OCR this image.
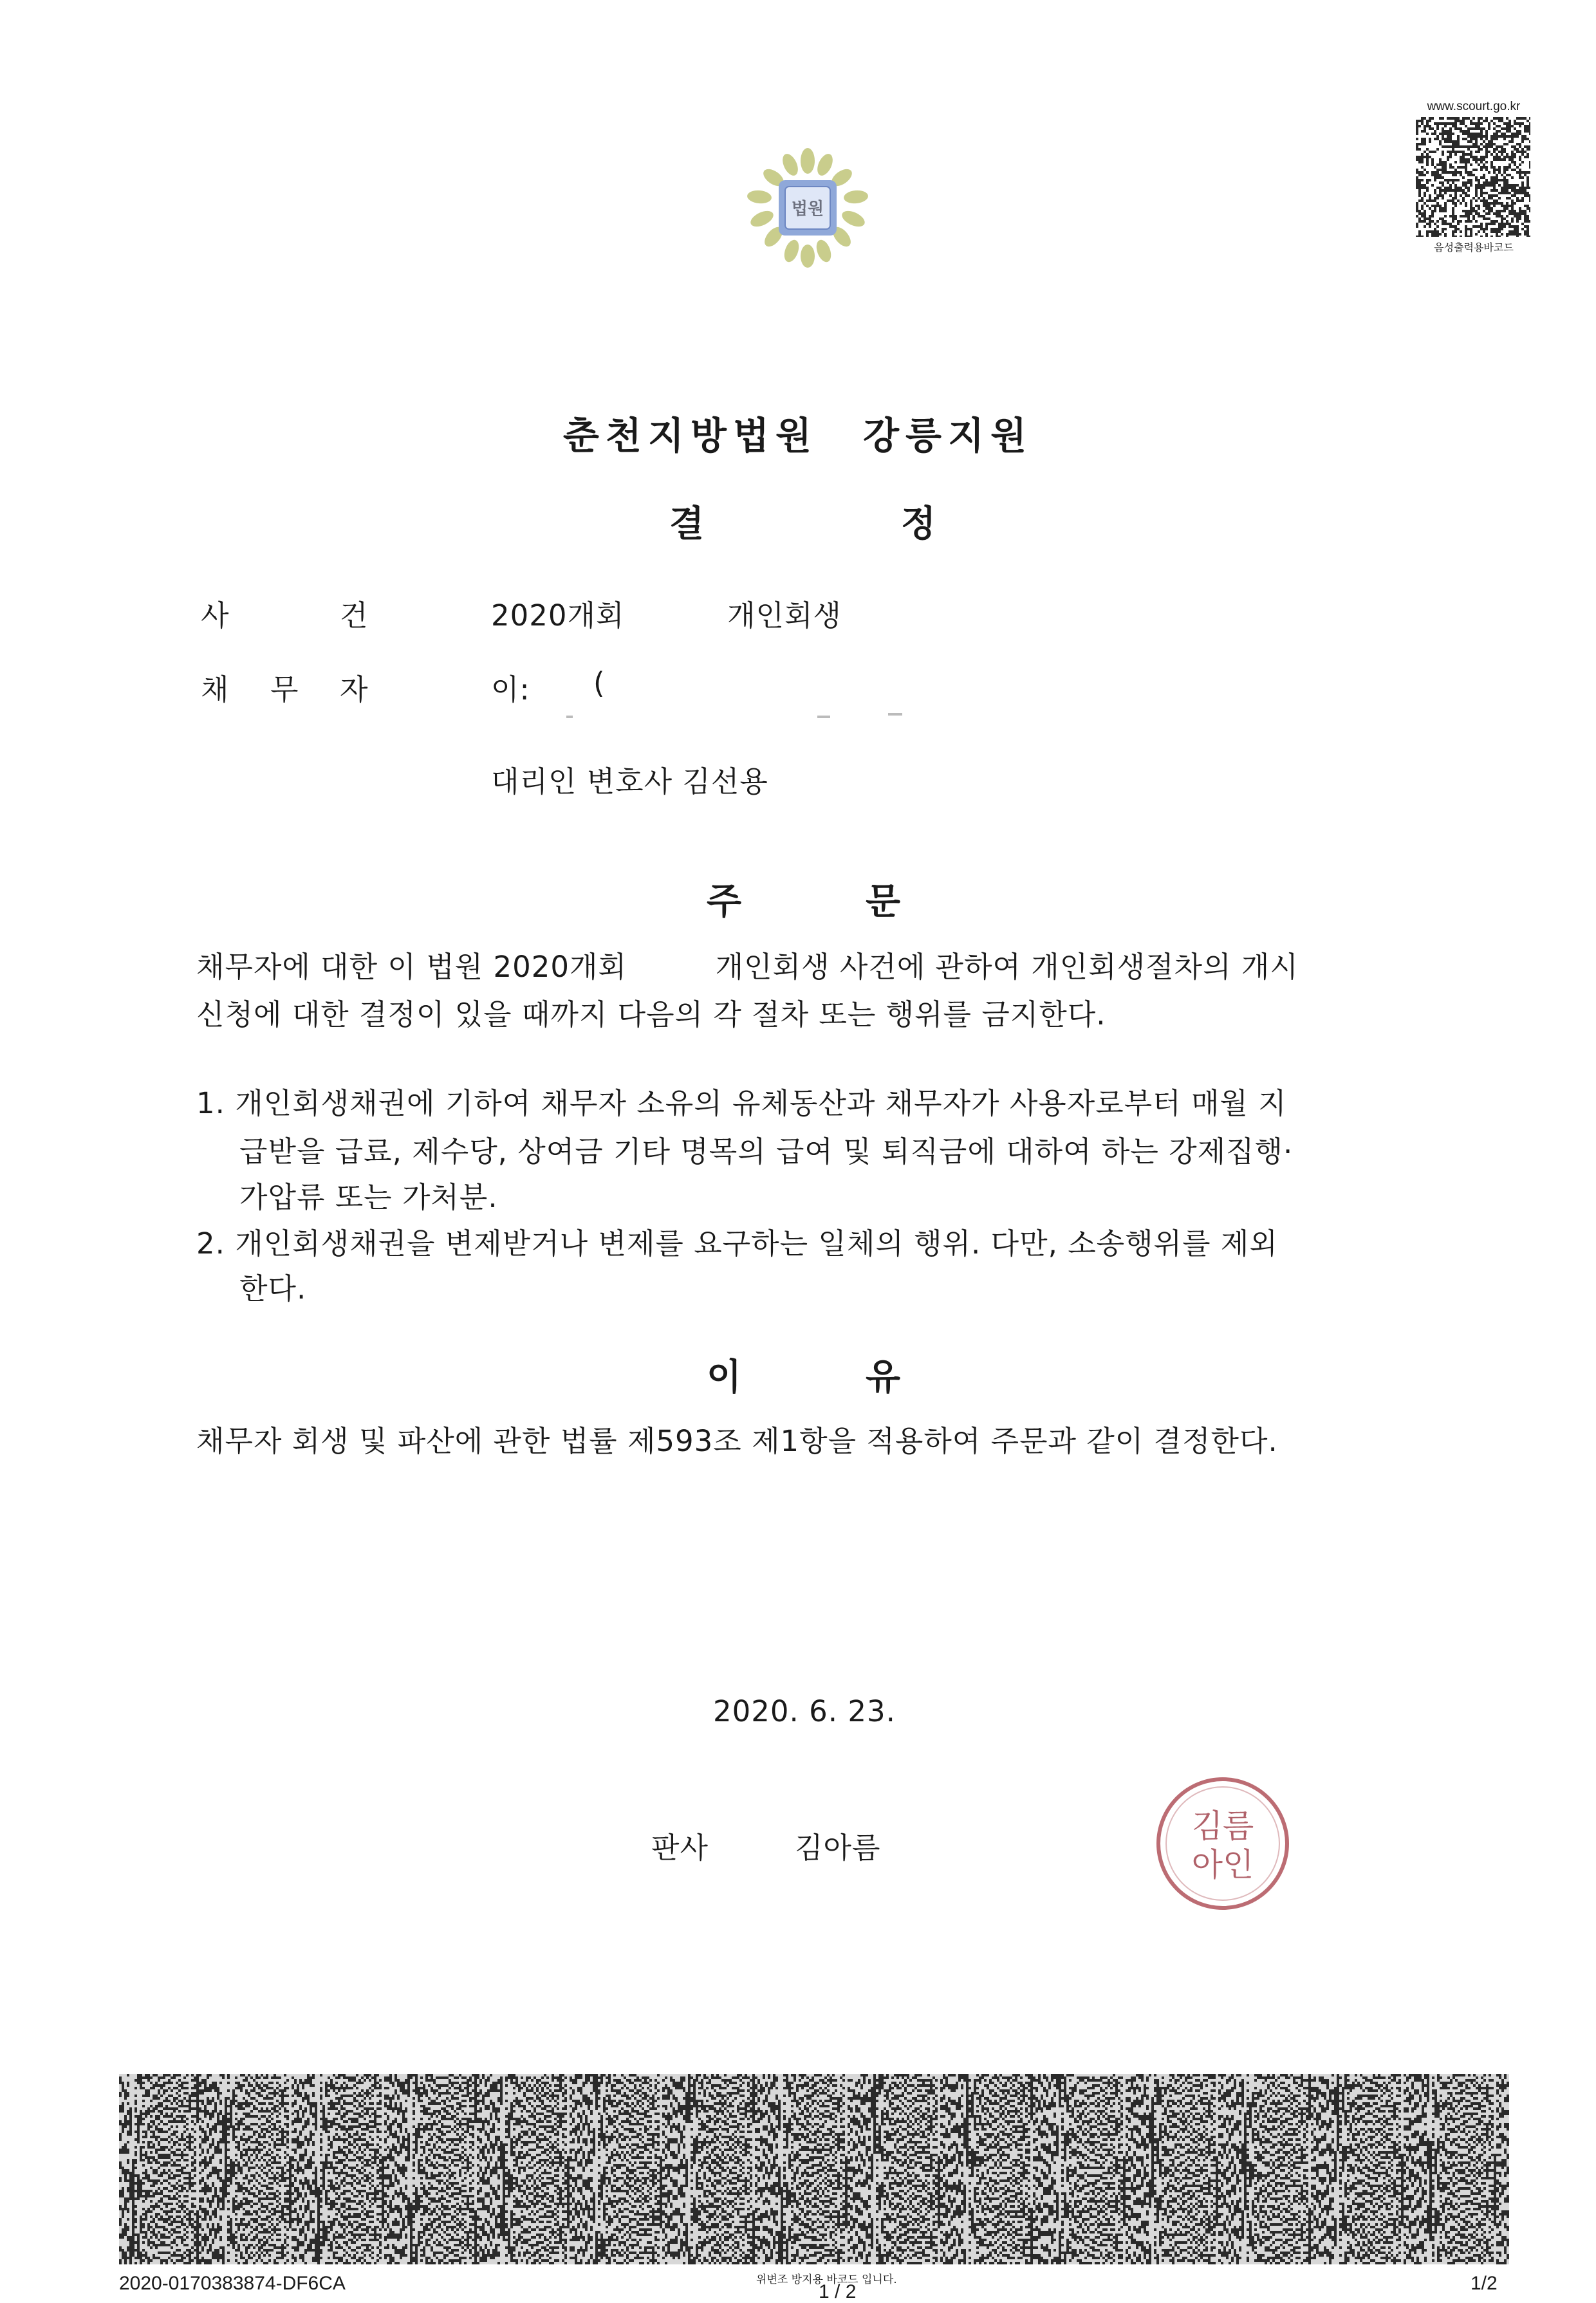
법원
www.scourt.go.kr
음성출력용바코드
춘천지방법원 강릉지원
결	정
사	건	2020개회	개인회생
채 무 자	이: (
대리인 변호사 김선용
주	문
채무자에 대한 이 법원 2020개회         개인회생 사건에 관하여 개인회생절차의 개시
신청에 대한 결정이 있을 때까지 다음의 각 절차 또는 행위를 금지한다.
1. 개인회생채권에 기하여 채무자 소유의 유체동산과 채무자가 사용자로부터 매월 지
급받을 급료, 제수당, 상여금 기타 명목의 급여 및 퇴직금에 대하여 하는 강제집행·
가압류 또는 가처분.
2. 개인회생채권을 변제받거나 변제를 요구하는 일체의 행위. 다만, 소송행위를 제외
한다.
이	유
채무자 회생 및 파산에 관한 법률 제593조 제1항을 적용하여 주문과 같이 결정한다.
2020. 6. 23.
판사	김아름
김름
아인
2020-0170383874-DF6CA	위변조 방지용 바코드 입니다.
1 / 2	1/2
